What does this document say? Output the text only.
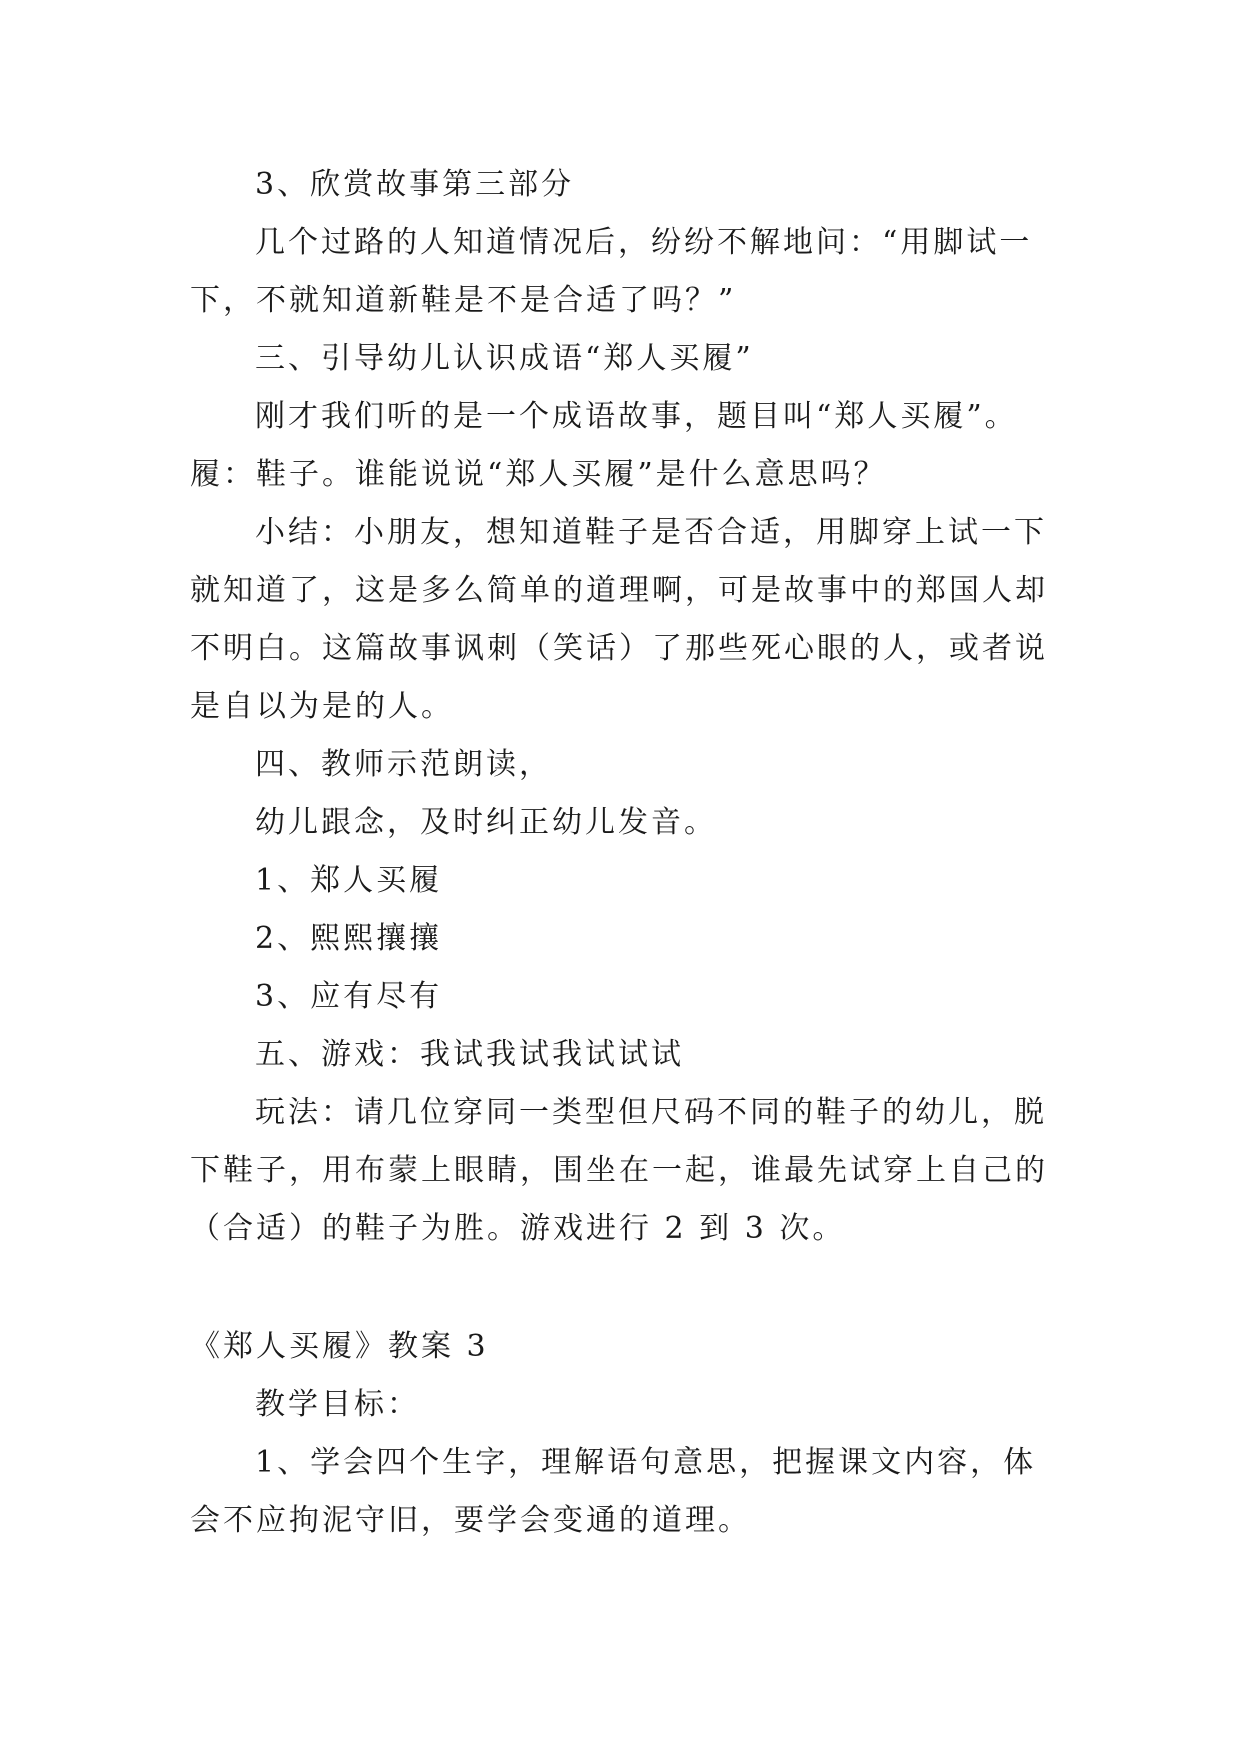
3、欣赏故事第三部分
几个过路的人知道情况后，纷纷不解地问：“用脚试一
下，不就知道新鞋是不是合适了吗？”
三、引导幼儿认识成语“郑人买履”
刚才我们听的是一个成语故事，题目叫“郑人买履”。
履：鞋子。谁能说说“郑人买履”是什么意思吗？
小结：小朋友，想知道鞋子是否合适，用脚穿上试一下
就知道了，这是多么简单的道理啊，可是故事中的郑国人却
不明白。这篇故事讽刺（笑话）了那些死心眼的人，或者说
是自以为是的人。
四、教师示范朗读，
幼儿跟念，及时纠正幼儿发音。
1、郑人买履
2、熙熙攘攘
3、应有尽有
五、游戏：我试我试我试试试
玩法：请几位穿同一类型但尺码不同的鞋子的幼儿，脱
下鞋子，用布蒙上眼睛，围坐在一起，谁最先试穿上自己的
（合适）的鞋子为胜。游戏进行 2 到 3 次。
《郑人买履》教案 3
教学目标：
1、学会四个生字，理解语句意思，把握课文内容，体
会不应拘泥守旧，要学会变通的道理。
